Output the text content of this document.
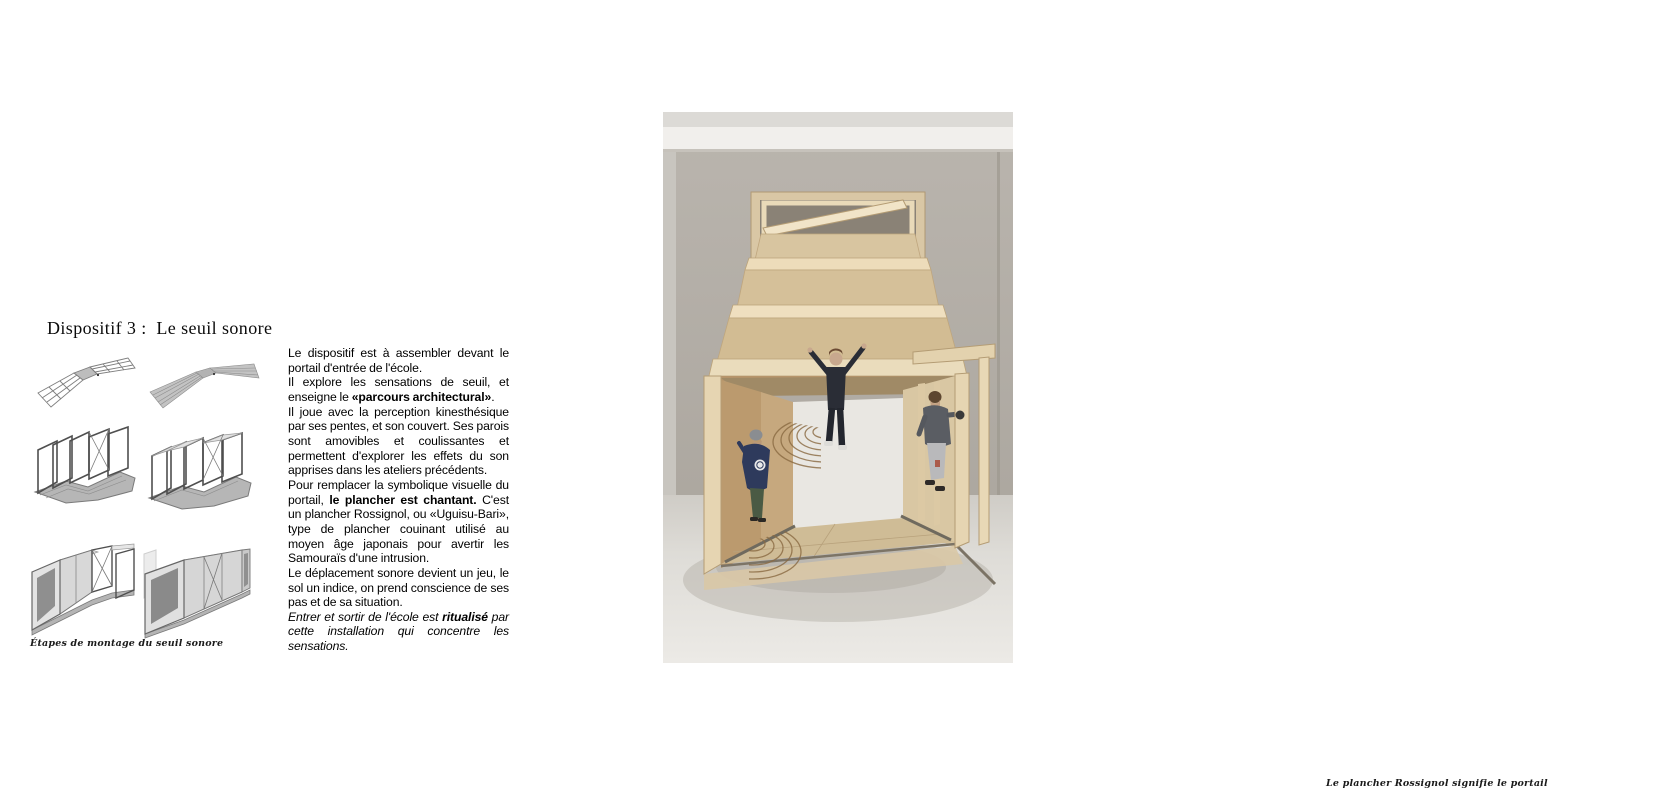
Dispositif 3 :  Le seuil sonore
Étapes de montage du seuil sonore
Le dispositif est à assembler devant le portail d'entrée de l'école.
Il explore les sensations de seuil, et enseigne le «parcours architectural».
Il joue avec la perception kinesthésique par ses pentes, et son couvert. Ses parois sont amovibles et coulissantes et permettent d'explorer les effets du son apprises dans les ateliers précédents.
Pour remplacer la symbolique visuelle du portail, le plancher est chantant. C'est un plancher Rossignol, ou «Uguisu-Bari», type de plancher couinant utilisé au moyen âge japonais pour avertir les Samouraïs d'une intrusion.
Le déplacement sonore devient un jeu, le sol un indice, on prend conscience de ses pas et de sa situation.
Entrer et sortir de l'école est ritualisé par cette installation qui concentre les sensations.
Le plancher Rossignol signifie le portail
